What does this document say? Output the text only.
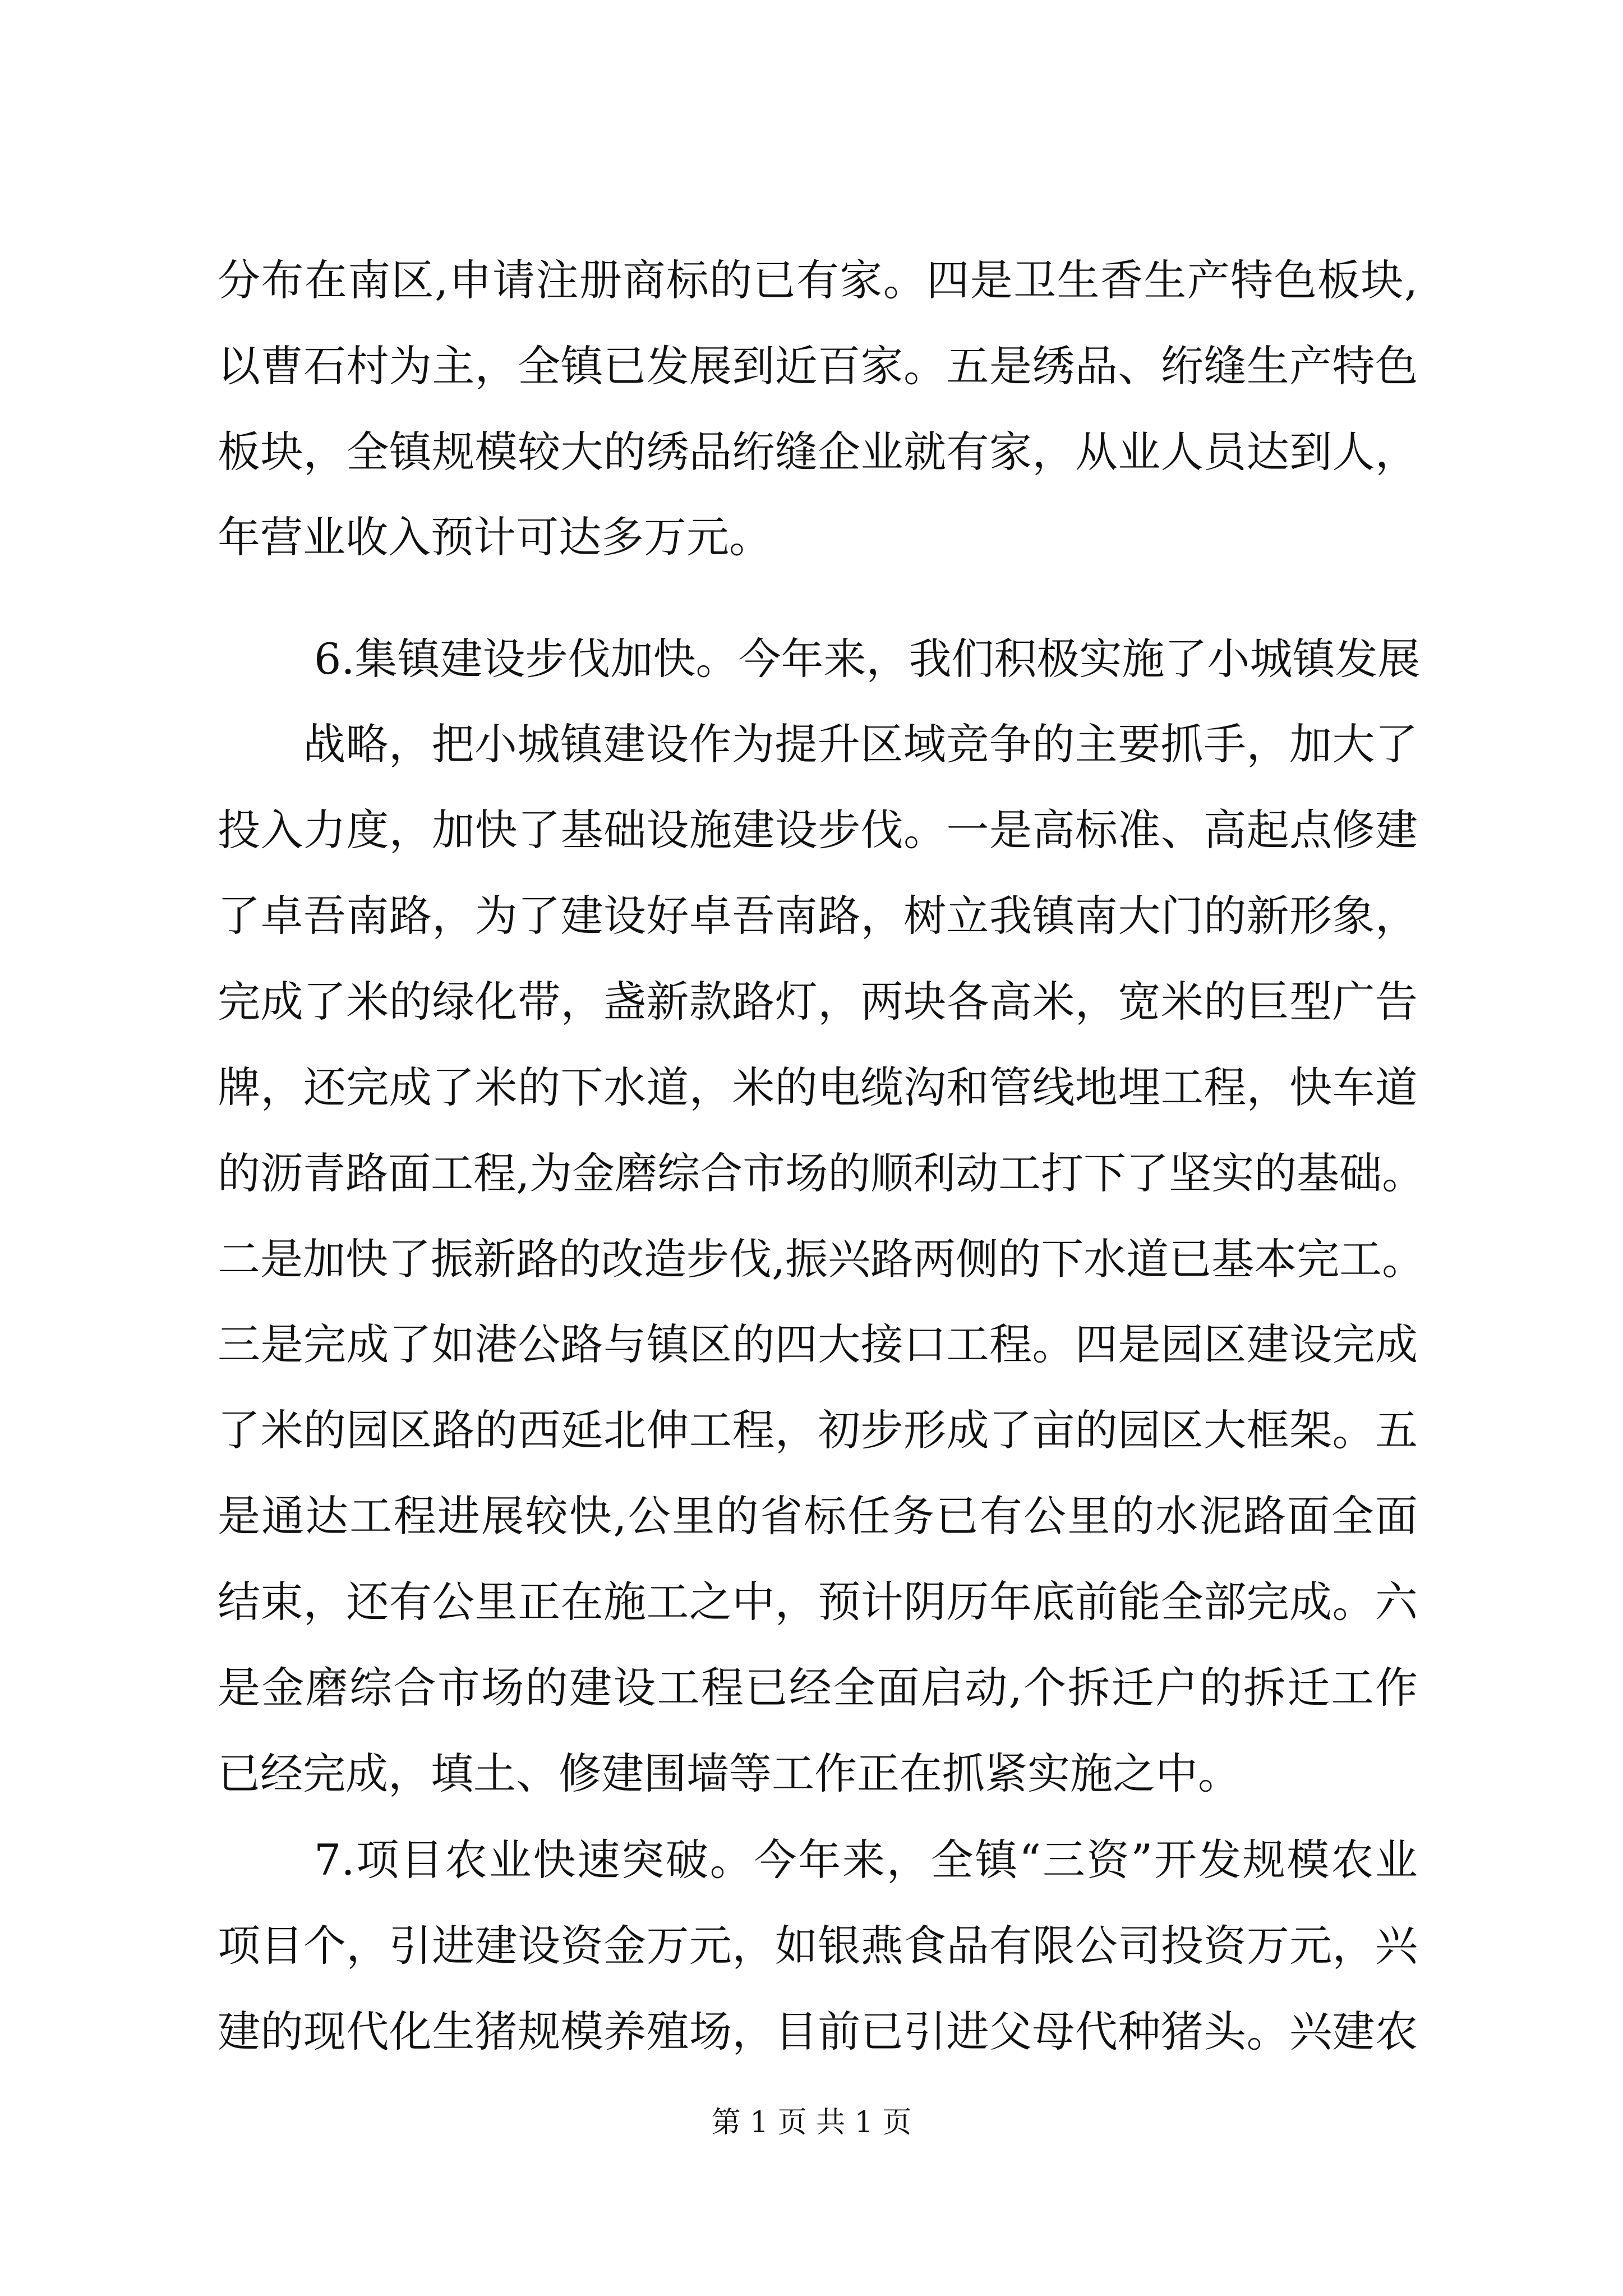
分布在南区,申请注册商标的已有家。四是卫生香生产特色板块,

以曹石村为主，全镇已发展到近百家。五是绣品、绗缝生产特色

板块，全镇规模较大的绣品绗缝企业就有家，从业人员达到人，

年营业收入预计可达多万元。

6.集镇建设步伐加快。今年来，我们积极实施了小城镇发展

战略，把小城镇建设作为提升区域竞争的主要抓手，加大了

投入力度，加快了基础设施建设步伐。一是高标准、高起点修建

了卓吾南路，为了建设好卓吾南路，树立我镇南大门的新形象，

完成了米的绿化带，盏新款路灯，两块各高米，宽米的巨型广告

牌，还完成了米的下水道，米的电缆沟和管线地埋工程，快车道

的沥青路面工程,为金磨综合市场的顺利动工打下了坚实的基础。

二是加快了振新路的改造步伐,振兴路两侧的下水道已基本完工。

三是完成了如港公路与镇区的四大接口工程。四是园区建设完成

了米的园区路的西延北伸工程，初步形成了亩的园区大框架。五

是通达工程进展较快,公里的省标任务已有公里的水泥路面全面

结束，还有公里正在施工之中，预计阴历年底前能全部完成。六

是金磨综合市场的建设工程已经全面启动,个拆迁户的拆迁工作

已经完成，填土、修建围墙等工作正在抓紧实施之中。

7.项目农业快速突破。今年来，全镇“三资”开发规模农业

项目个，引进建设资金万元，如银燕食品有限公司投资万元，兴

建的现代化生猪规模养殖场，目前已引进父母代种猪头。兴建农

第 1 页 共 1 页
